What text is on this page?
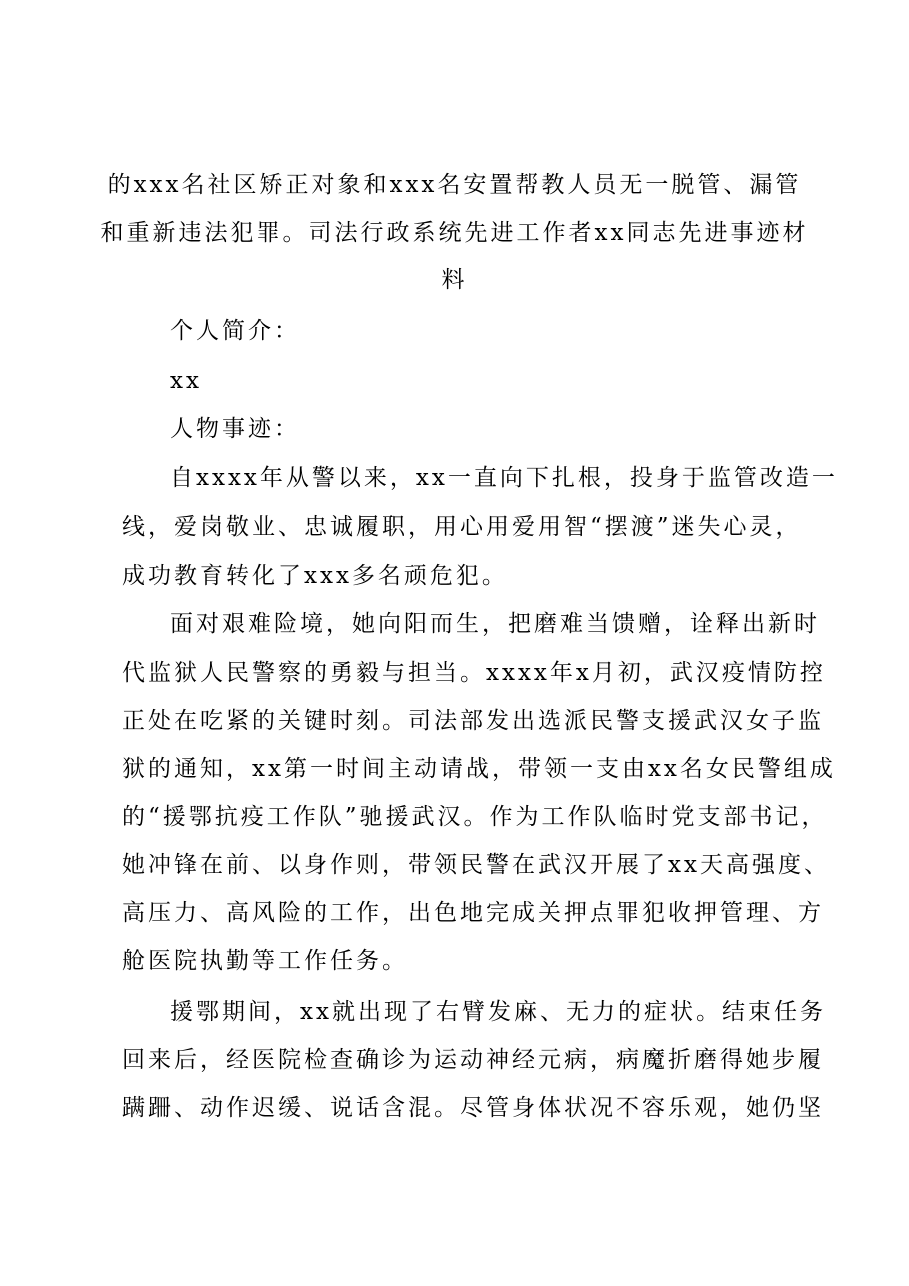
的xxx名社区矫正对象和xxx名安置帮教人员无一脱管、漏管
和重新违法犯罪。司法行政系统先进工作者xx同志先进事迹材
料
个人简介：
xx
人物事迹：
自xxxx年从警以来，xx一直向下扎根，投身于监管改造一
线，爱岗敬业、忠诚履职，用心用爱用智“摆渡”迷失心灵，
成功教育转化了xxx多名顽危犯。
面对艰难险境，她向阳而生，把磨难当馈赠，诠释出新时
代监狱人民警察的勇毅与担当。xxxx年x月初，武汉疫情防控
正处在吃紧的关键时刻。司法部发出选派民警支援武汉女子监
狱的通知，xx第一时间主动请战，带领一支由xx名女民警组成
的“援鄂抗疫工作队”驰援武汉。作为工作队临时党支部书记，
她冲锋在前、以身作则，带领民警在武汉开展了xx天高强度、
高压力、高风险的工作，出色地完成关押点罪犯收押管理、方
舱医院执勤等工作任务。
援鄂期间，xx就出现了右臂发麻、无力的症状。结束任务
回来后，经医院检查确诊为运动神经元病，病魔折磨得她步履
蹒跚、动作迟缓、说话含混。尽管身体状况不容乐观，她仍坚
